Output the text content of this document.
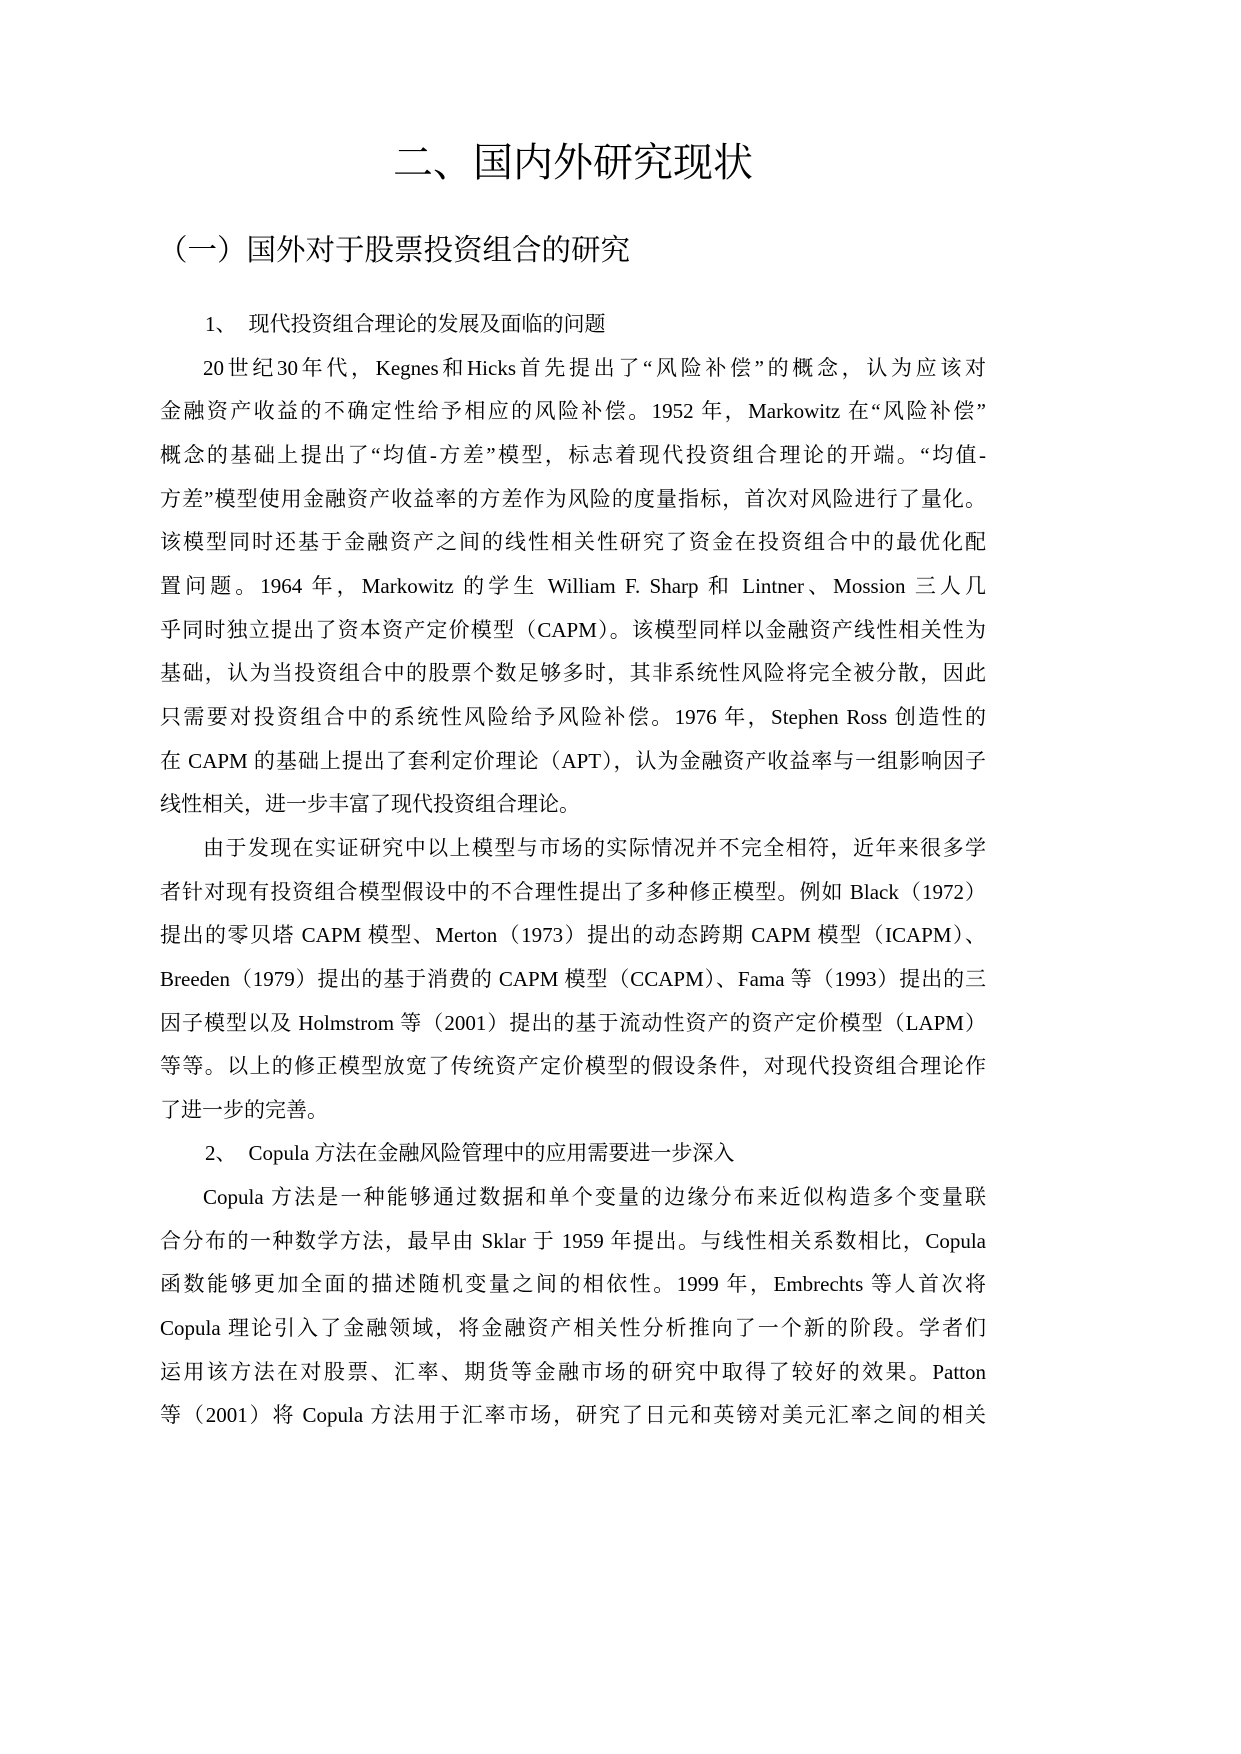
二、国内外研究现状
（一）国外对于股票投资组合的研究
1、 现代投资组合理论的发展及面临的问题
20世纪30年代，Kegnes和Hicks首先提出了“风险补偿”的概念，认为应该对
金融资产收益的不确定性给予相应的风险补偿。1952 年，Markowitz 在“风险补偿”
概念的基础上提出了“均值-方差”模型，标志着现代投资组合理论的开端。“均值-
方差”模型使用金融资产收益率的方差作为风险的度量指标，首次对风险进行了量化。
该模型同时还基于金融资产之间的线性相关性研究了资金在投资组合中的最优化配
置问题。1964 年，Markowitz 的学生 William F. Sharp 和 Lintner、Mossion 三人几
乎同时独立提出了资本资产定价模型（CAPM）。该模型同样以金融资产线性相关性为
基础，认为当投资组合中的股票个数足够多时，其非系统性风险将完全被分散，因此
只需要对投资组合中的系统性风险给予风险补偿。1976 年，Stephen Ross 创造性的
在 CAPM 的基础上提出了套利定价理论（APT），认为金融资产收益率与一组影响因子
线性相关，进一步丰富了现代投资组合理论。
由于发现在实证研究中以上模型与市场的实际情况并不完全相符，近年来很多学
者针对现有投资组合模型假设中的不合理性提出了多种修正模型。例如 Black（1972）
提出的零贝塔 CAPM 模型、Merton（1973）提出的动态跨期 CAPM 模型（ICAPM）、
Breeden（1979）提出的基于消费的 CAPM 模型（CCAPM）、Fama 等（1993）提出的三
因子模型以及 Holmstrom 等（2001）提出的基于流动性资产的资产定价模型（LAPM）
等等。以上的修正模型放宽了传统资产定价模型的假设条件，对现代投资组合理论作
了进一步的完善。
2、 Copula 方法在金融风险管理中的应用需要进一步深入
Copula 方法是一种能够通过数据和单个变量的边缘分布来近似构造多个变量联
合分布的一种数学方法，最早由 Sklar 于 1959 年提出。与线性相关系数相比，Copula
函数能够更加全面的描述随机变量之间的相依性。1999 年，Embrechts 等人首次将
Copula 理论引入了金融领域，将金融资产相关性分析推向了一个新的阶段。学者们
运用该方法在对股票、汇率、期货等金融市场的研究中取得了较好的效果。Patton
等（2001）将 Copula 方法用于汇率市场，研究了日元和英镑对美元汇率之间的相关
